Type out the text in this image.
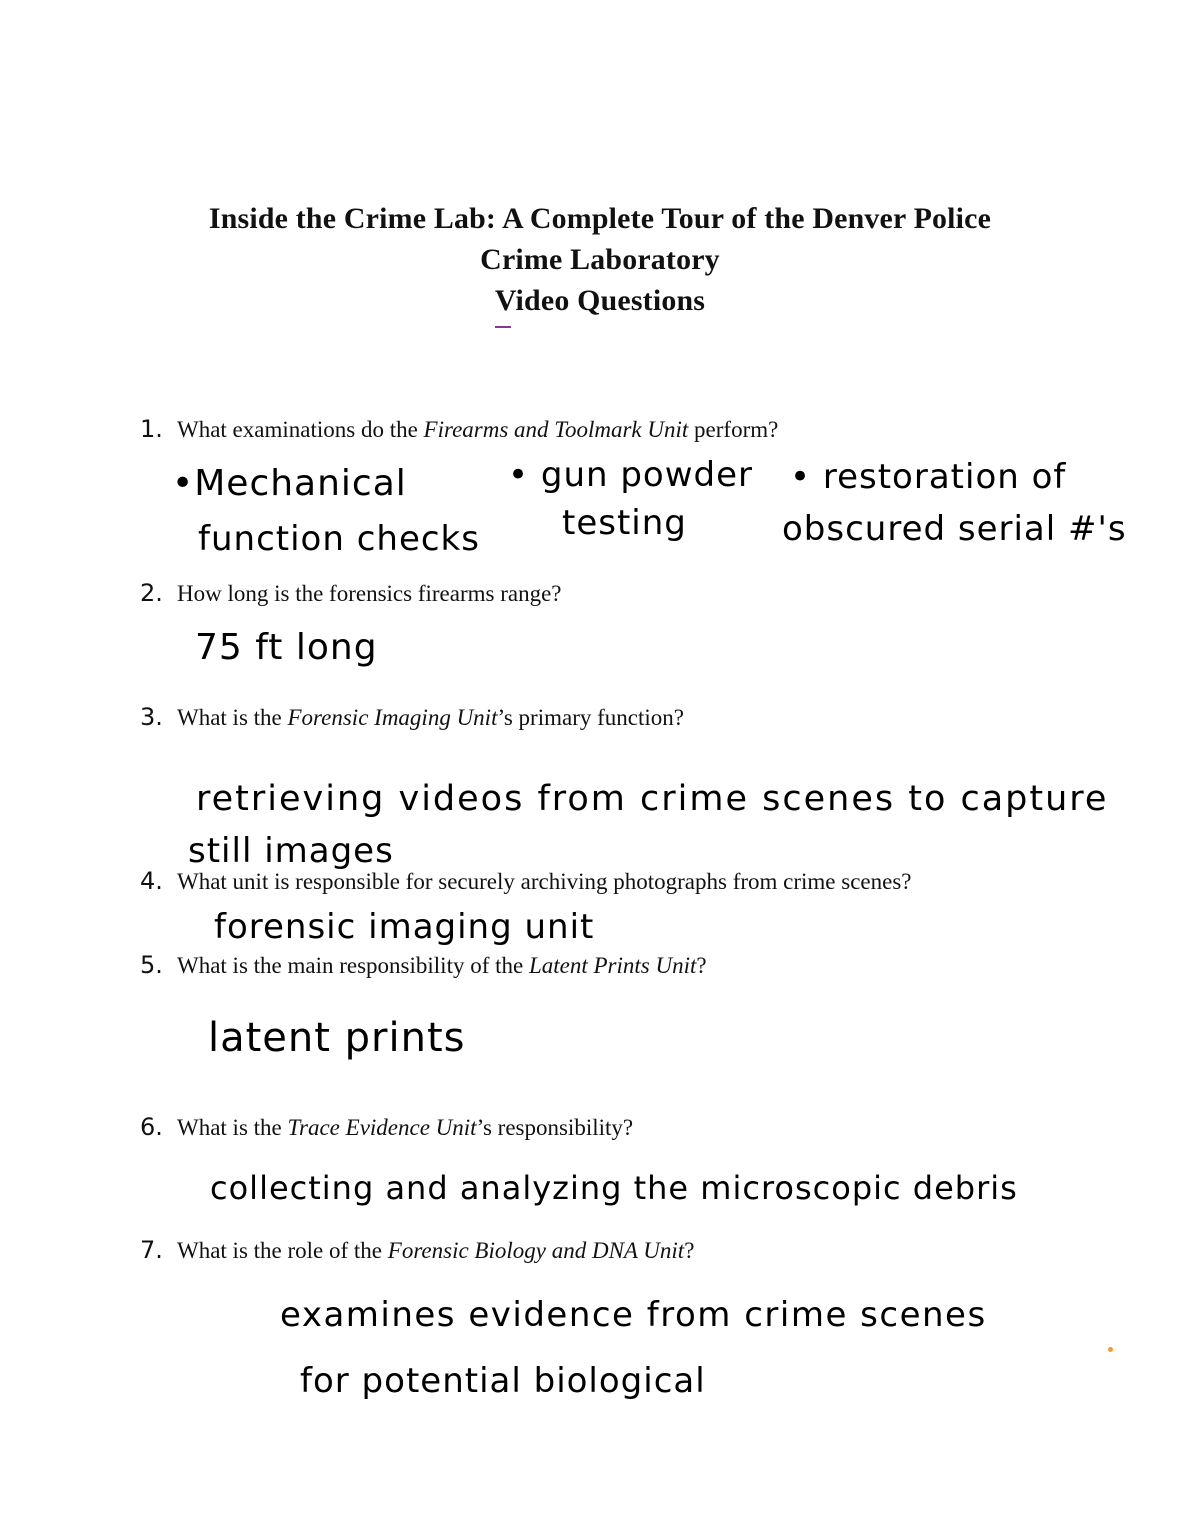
Inside the Crime Lab: A Complete Tour of the Denver Police
Crime Laboratory
Video Questions
1. What examinations do the Firearms and Toolmark Unit perform?
•Mechanical
function checks
• gun powder
testing
• restoration of
obscured serial #'s
2. How long is the forensics firearms range?
75 ft long
3. What is the Forensic Imaging Unit’s primary function?
retrieving videos from crime scenes to capture
still images
4. What unit is responsible for securely archiving photographs from crime scenes?
forensic imaging unit
5. What is the main responsibility of the Latent Prints Unit?
latent prints
6. What is the Trace Evidence Unit’s responsibility?
collecting and analyzing the microscopic debris
7. What is the role of the Forensic Biology and DNA Unit?
examines evidence from crime scenes
for potential biological
